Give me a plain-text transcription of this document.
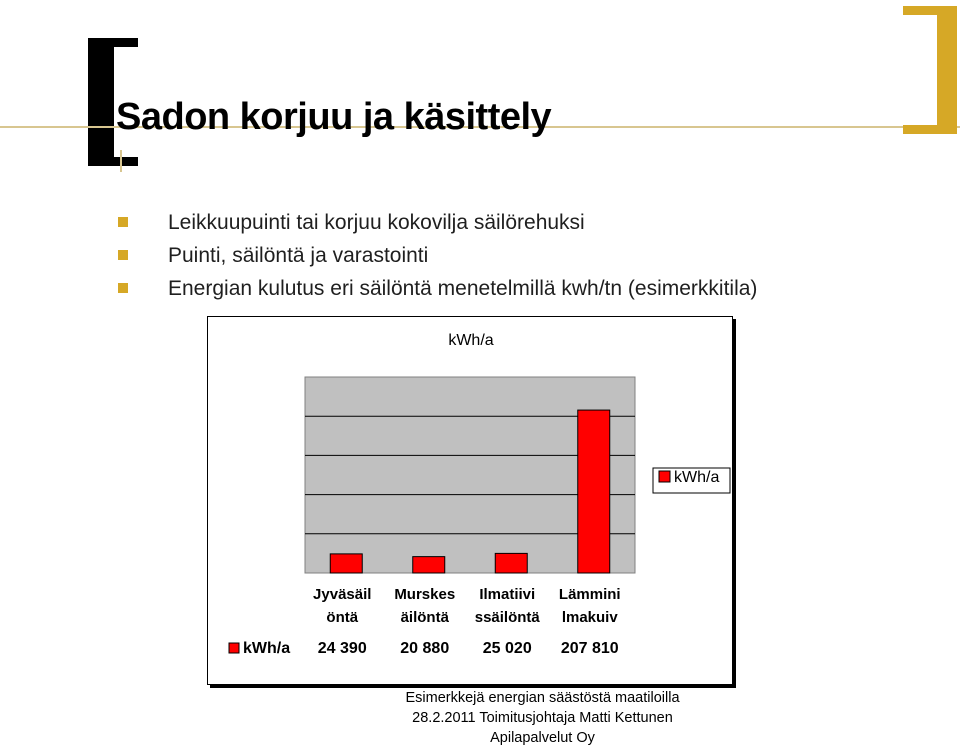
Sadon korjuu ja käsittely
Leikkuupuinti tai korjuu kokovilja säilörehuksi
Puinti, säilöntä ja varastointi
Energian kulutus eri säilöntä menetelmillä kwh/tn (esimerkkitila)
kWh/a
Jyväsäil
öntä
Murskes
äilöntä
Ilmatiivi
ssäilöntä
Lämmini
lmakuiv
kWh/a 24 390 20 880 25 020 207 810
kWh/a
Esimerkkejä energian säästöstä maatiloilla
28.2.2011 Toimitusjohtaja Matti Kettunen
Apilapalvelut Oy
